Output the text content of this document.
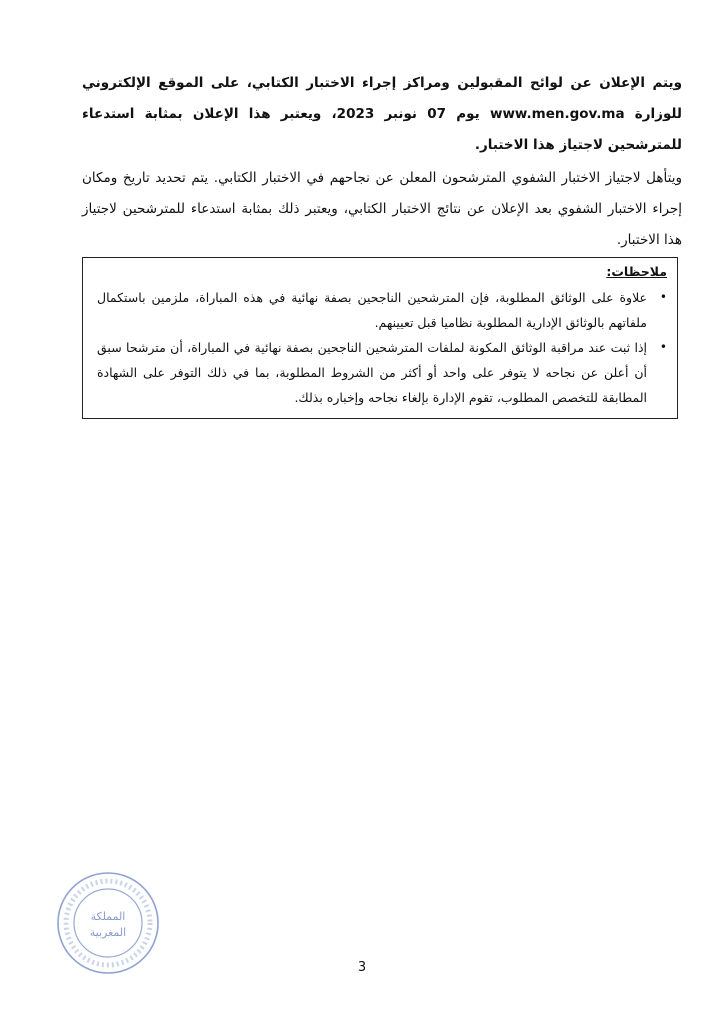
ويتم الإعلان عن لوائح المقبولين ومراكز إجراء الاختبار الكتابي، على الموقع الإلكتروني للوزارة www.men.gov.ma يوم 07 نونبر 2023، ويعتبر هذا الإعلان بمثابة استدعاء للمترشحين لاجتياز هذا الاختبار.

ويتأهل لاجتياز الاختبار الشفوي المترشحون المعلن عن نجاحهم في الاختبار الكتابي. يتم تحديد تاريخ ومكان إجراء الاختبار الشفوي بعد الإعلان عن نتائج الاختبار الكتابي، ويعتبر ذلك بمثابة استدعاء للمترشحين لاجتياز هذا الاختبار.

ملاحظات:
•
علاوة على الوثائق المطلوبة، فإن المترشحين الناجحين بصفة نهائية في هذه المباراة، ملزمين باستكمال ملفاتهم بالوثائق الإدارية المطلوبة نظاميا قبل تعيينهم.
•
إذا ثبت عند مراقبة الوثائق المكونة لملفات المترشحين الناجحين بصفة نهائية في المباراة، أن مترشحا سبق أن أعلن عن نجاحه لا يتوفر على واحد أو أكثر من الشروط المطلوبة، بما في ذلك التوفر على الشهادة المطابقة للتخصص المطلوب، تقوم الإدارة بإلغاء نجاحه وإخباره بذلك.
المملكة
المغربية
3
